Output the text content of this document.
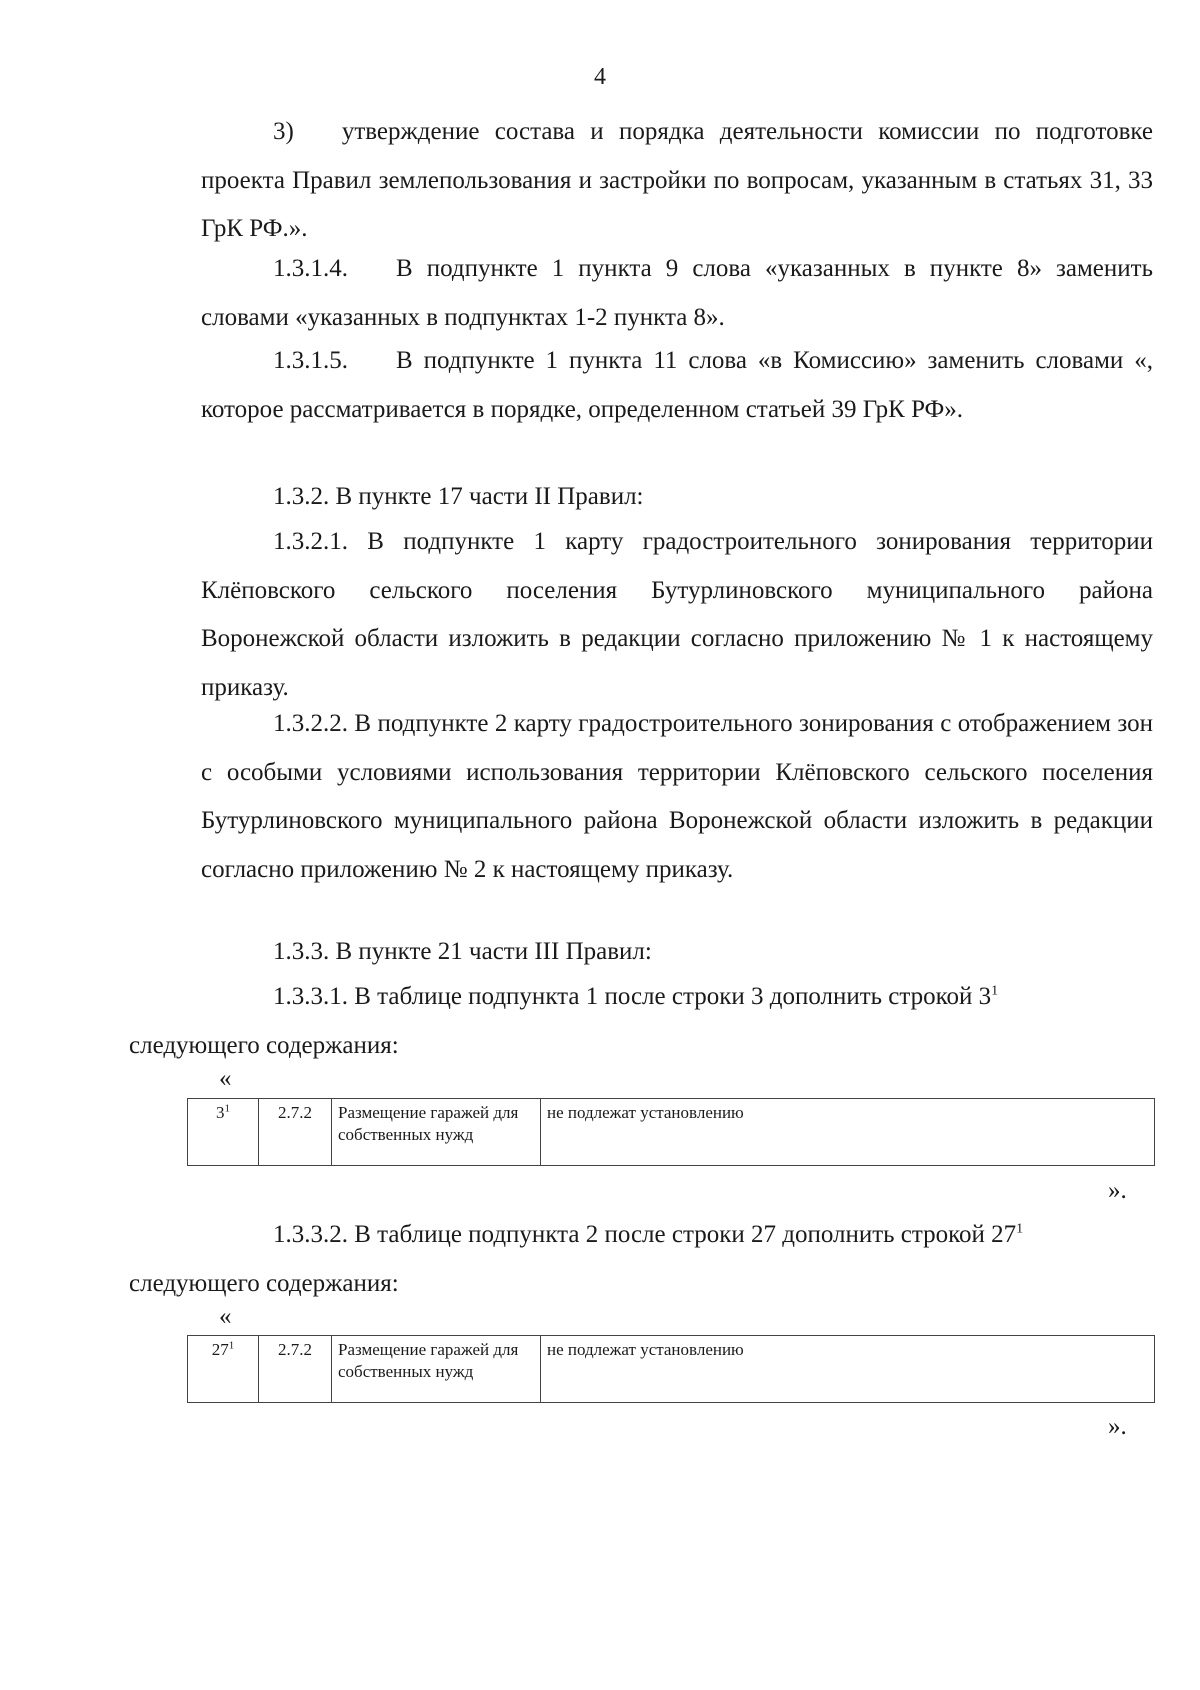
4
3) утверждение состава и порядка деятельности комиссии по подготовке проекта Правил землепользования и застройки по вопросам, указанным в статьях 31, 33 ГрК РФ.».
1.3.1.4. В подпункте 1 пункта 9 слова «указанных в пункте 8» заменить словами «указанных в подпунктах 1-2 пункта 8».
1.3.1.5. В подпункте 1 пункта 11 слова «в Комиссию» заменить словами «, которое рассматривается в порядке, определенном статьей 39 ГрК РФ».
1.3.2. В пункте 17 части II Правил:
1.3.2.1. В подпункте 1 карту градостроительного зонирования территории Клёповского сельского поселения Бутурлиновского муниципального района Воронежской области изложить в редакции согласно приложению № 1 к настоящему приказу.
1.3.2.2. В подпункте 2 карту градостроительного зонирования с отображением зон с особыми условиями использования территории Клёповского сельского поселения Бутурлиновского муниципального района Воронежской области изложить в редакции согласно приложению № 2 к настоящему приказу.
1.3.3. В пункте 21 части III Правил:
1.3.3.1. В таблице подпункта 1 после строки 3 дополнить строкой $3^1$
следующего содержания:
«
$3^1$	2.7.2	Размещение гаражей для собственных нужд	не подлежат установлению
».
1.3.3.2. В таблице подпункта 2 после строки 27 дополнить строкой $27^1$
следующего содержания:
«
$27^1$	2.7.2	Размещение гаражей для собственных нужд	не подлежат установлению
».
